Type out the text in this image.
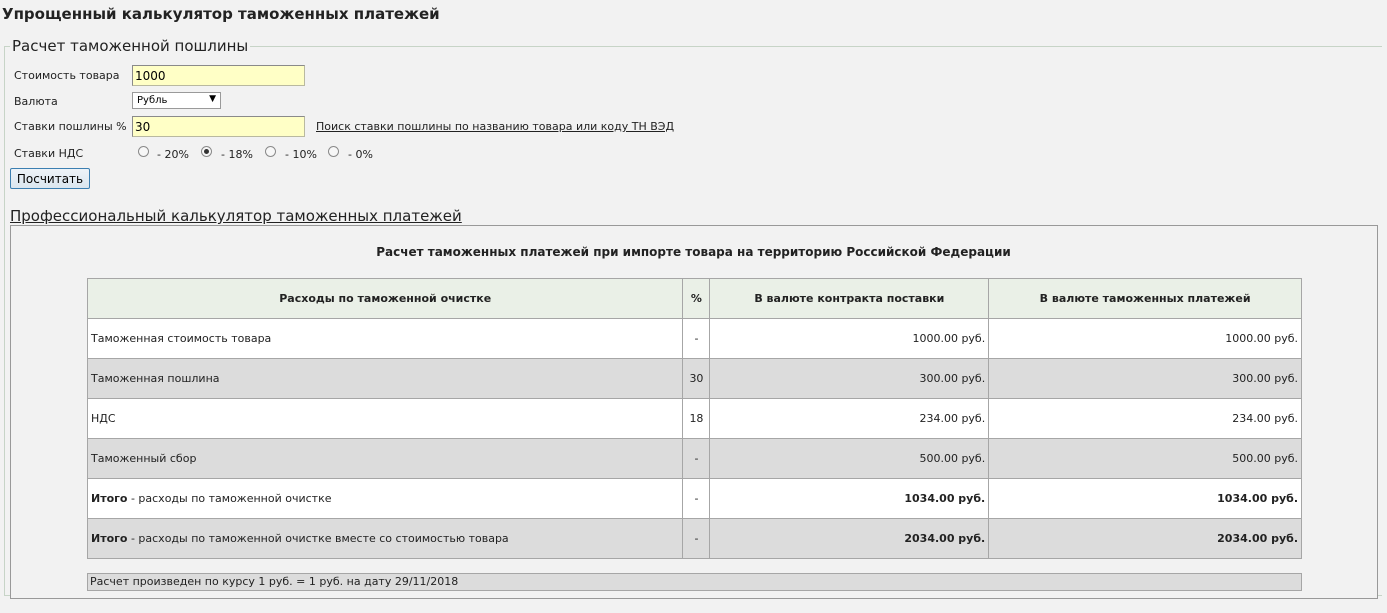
Упрощенный калькулятор таможенных платежей
Расчет таможенной пошлины
Стоимость товара
1000
Валюта	Рубль	▼
Ставки пошлины %
30	Поиск ставки пошлины по названию товара или коду ТН ВЭД
Ставки НДС	- 20%	- 18%	- 10%	- 0%
Посчитать
Профессиональный калькулятор таможенных платежей
Расчет таможенных платежей при импорте товара на территорию Российской Федерации
Расходы по таможенной очистке	%	В валюте контракта поставки	В валюте таможенных платежей
Таможенная стоимость товара	-	1000.00 руб.	1000.00 руб.
Таможенная пошлина	30	300.00 руб.	300.00 руб.
НДС	18	234.00 руб.	234.00 руб.
Таможенный сбор	-	500.00 руб.	500.00 руб.
Итого - расходы по таможенной очистке	-	1034.00 руб.	1034.00 руб.
Итого - расходы по таможенной очистке вместе со стоимостью товара	-	2034.00 руб.	2034.00 руб.
Расчет произведен по курсу 1 руб. = 1 руб. на дату 29/11/2018
